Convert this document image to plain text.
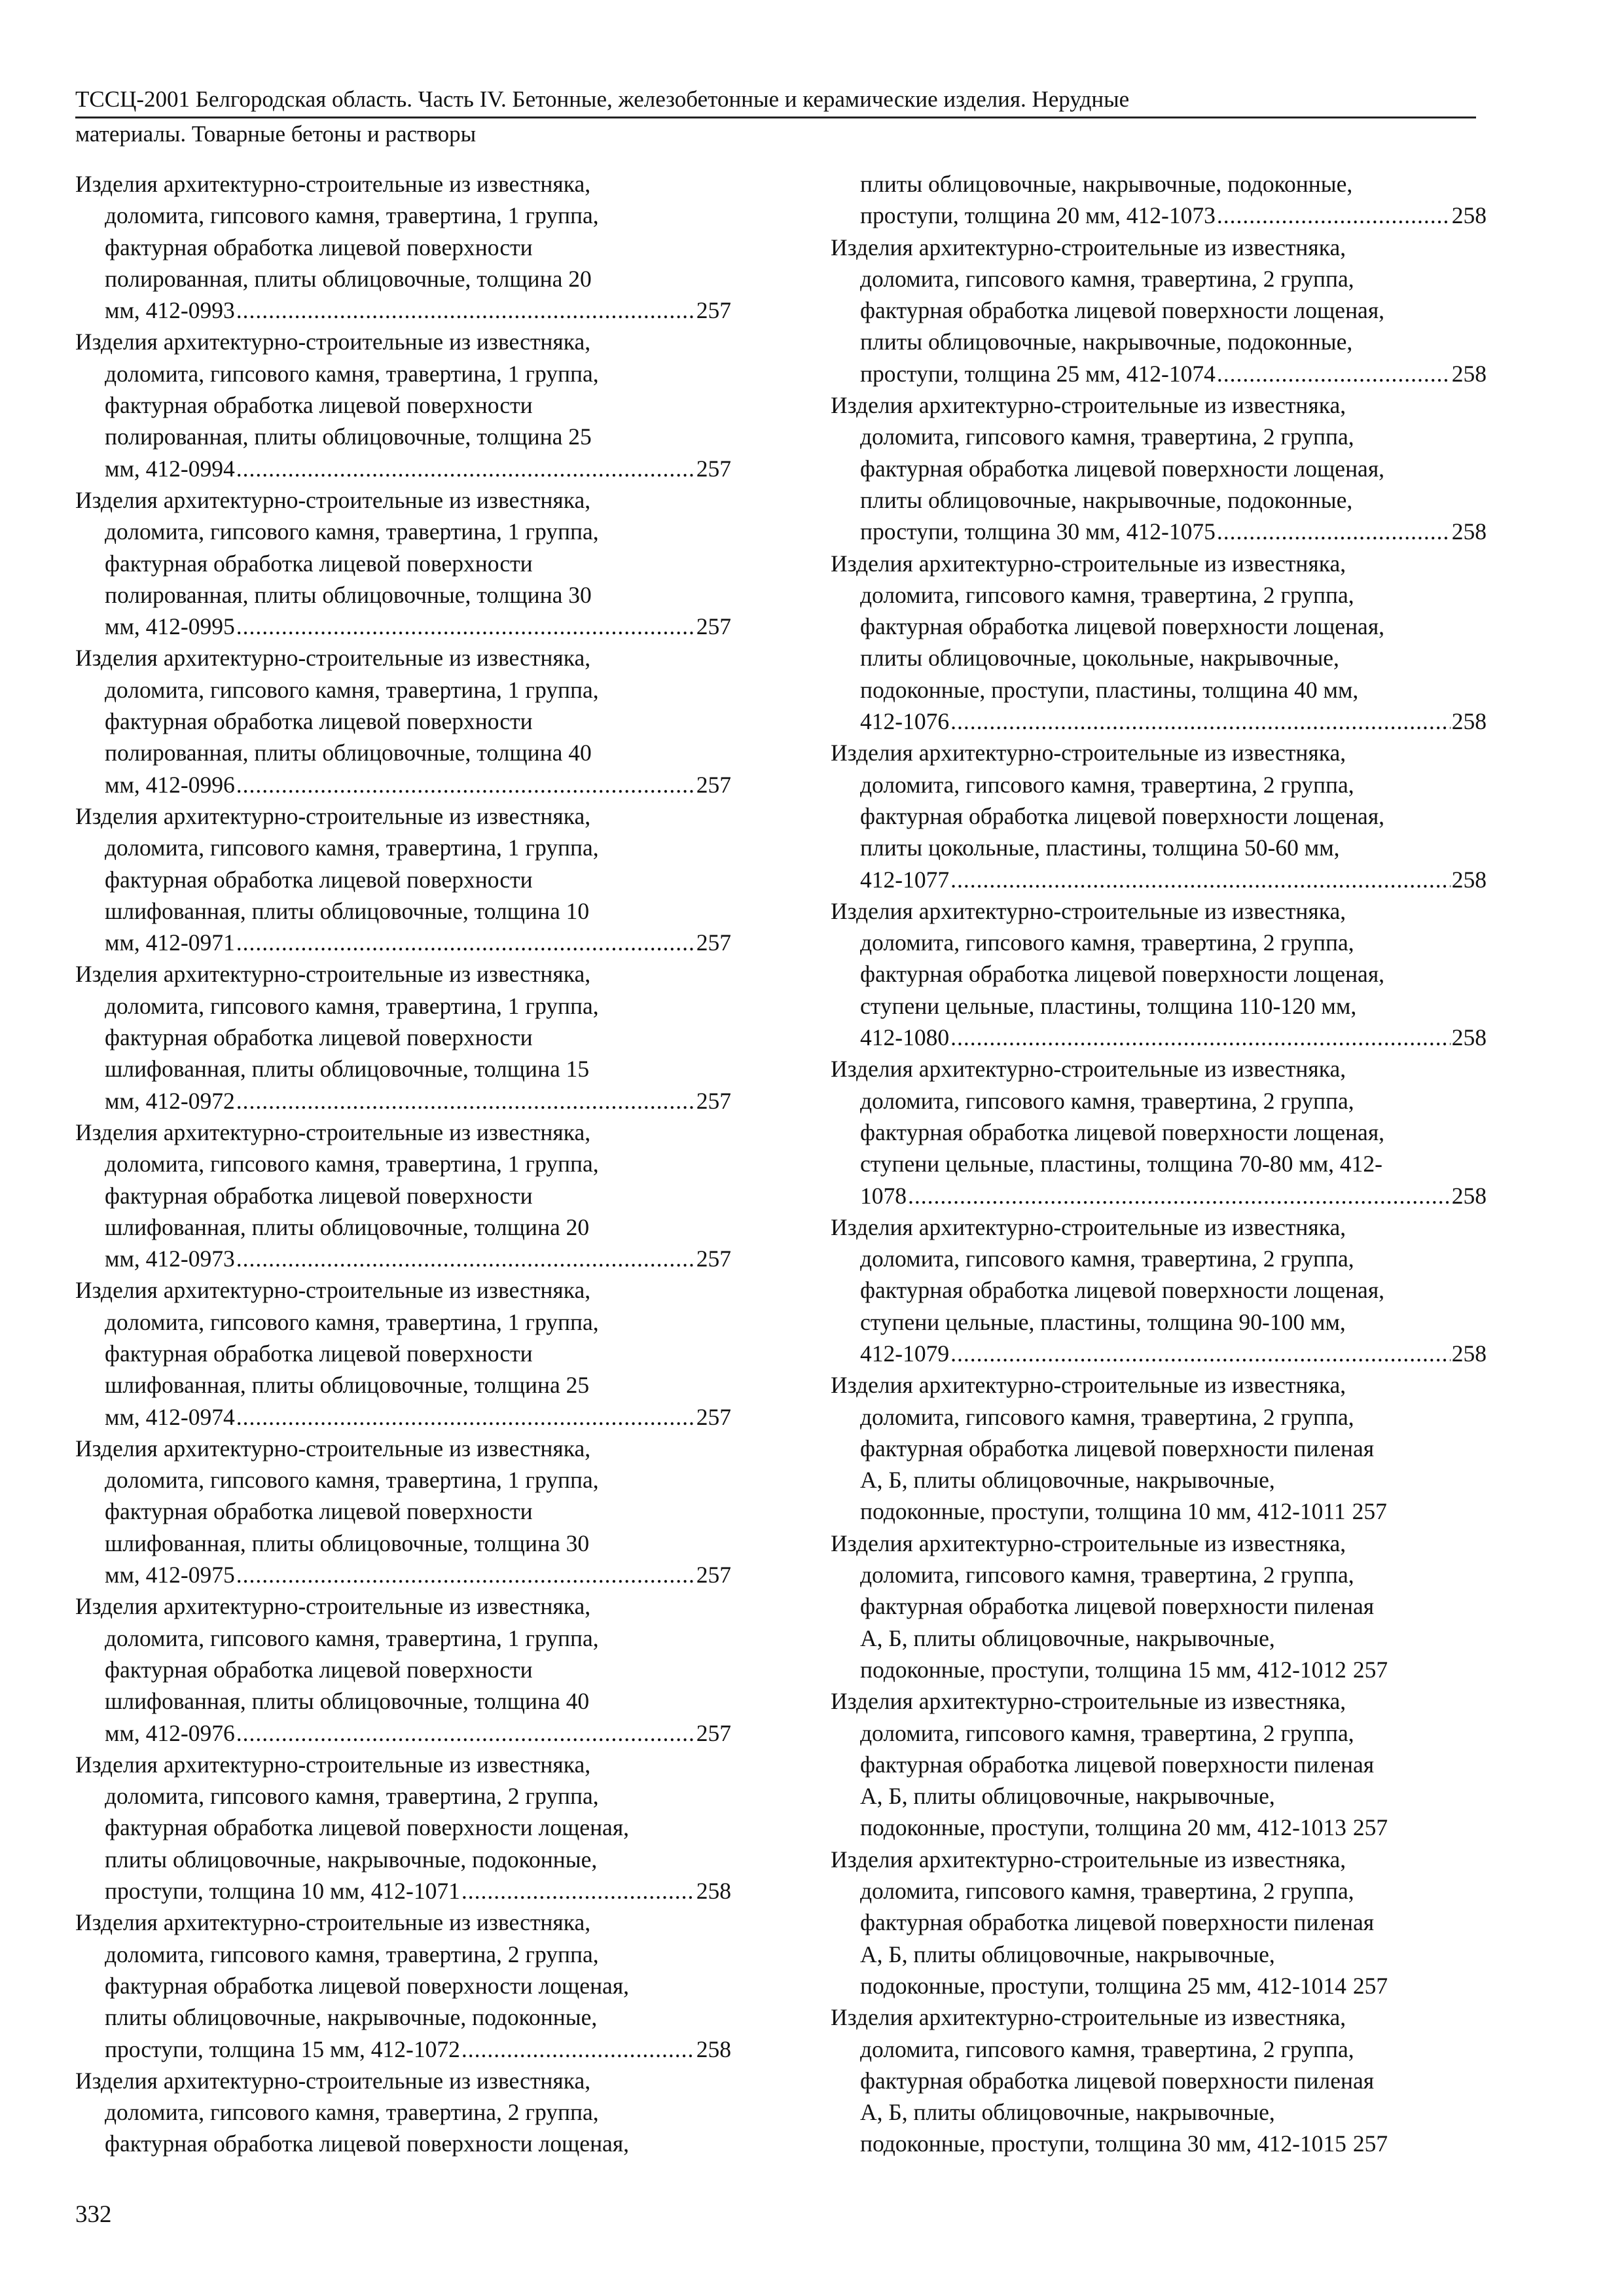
ТССЦ-2001 Белгородская область. Часть IV. Бетонные, железобетонные и керамические изделия. Нерудные
материалы. Товарные бетоны и растворы
Изделия архитектурно-строительные из известняка,
доломита, гипсового камня, травертина, 1 группа,
фактурная обработка лицевой поверхности
полированная, плиты облицовочные, толщина 20
мм, 412-0993 .....	257
Изделия архитектурно-строительные из известняка,
доломита, гипсового камня, травертина, 1 группа,
фактурная обработка лицевой поверхности
полированная, плиты облицовочные, толщина 25
мм, 412-0994 .....	257
Изделия архитектурно-строительные из известняка,
доломита, гипсового камня, травертина, 1 группа,
фактурная обработка лицевой поверхности
полированная, плиты облицовочные, толщина 30
мм, 412-0995 .....	257
Изделия архитектурно-строительные из известняка,
доломита, гипсового камня, травертина, 1 группа,
фактурная обработка лицевой поверхности
полированная, плиты облицовочные, толщина 40
мм, 412-0996 .....	257
Изделия архитектурно-строительные из известняка,
доломита, гипсового камня, травертина, 1 группа,
фактурная обработка лицевой поверхности
шлифованная, плиты облицовочные, толщина 10
мм, 412-0971 .....	257
Изделия архитектурно-строительные из известняка,
доломита, гипсового камня, травертина, 1 группа,
фактурная обработка лицевой поверхности
шлифованная, плиты облицовочные, толщина 15
мм, 412-0972 .....	257
Изделия архитектурно-строительные из известняка,
доломита, гипсового камня, травертина, 1 группа,
фактурная обработка лицевой поверхности
шлифованная, плиты облицовочные, толщина 20
мм, 412-0973 .....	257
Изделия архитектурно-строительные из известняка,
доломита, гипсового камня, травертина, 1 группа,
фактурная обработка лицевой поверхности
шлифованная, плиты облицовочные, толщина 25
мм, 412-0974 .....	257
Изделия архитектурно-строительные из известняка,
доломита, гипсового камня, травертина, 1 группа,
фактурная обработка лицевой поверхности
шлифованная, плиты облицовочные, толщина 30
мм, 412-0975 .....	257
Изделия архитектурно-строительные из известняка,
доломита, гипсового камня, травертина, 1 группа,
фактурная обработка лицевой поверхности
шлифованная, плиты облицовочные, толщина 40
мм, 412-0976 .....	257
Изделия архитектурно-строительные из известняка,
доломита, гипсового камня, травертина, 2 группа,
фактурная обработка лицевой поверхности лощеная,
плиты облицовочные, накрывочные, подоконные,
проступи, толщина 10 мм, 412-1071 .....	258
Изделия архитектурно-строительные из известняка,
доломита, гипсового камня, травертина, 2 группа,
фактурная обработка лицевой поверхности лощеная,
плиты облицовочные, накрывочные, подоконные,
проступи, толщина 15 мм, 412-1072 .....	258
Изделия архитектурно-строительные из известняка,
доломита, гипсового камня, травертина, 2 группа,
фактурная обработка лицевой поверхности лощеная,
плиты облицовочные, накрывочные, подоконные,
проступи, толщина 20 мм, 412-1073 .....	258
Изделия архитектурно-строительные из известняка,
доломита, гипсового камня, травертина, 2 группа,
фактурная обработка лицевой поверхности лощеная,
плиты облицовочные, накрывочные, подоконные,
проступи, толщина 25 мм, 412-1074 .....	258
Изделия архитектурно-строительные из известняка,
доломита, гипсового камня, травертина, 2 группа,
фактурная обработка лицевой поверхности лощеная,
плиты облицовочные, накрывочные, подоконные,
проступи, толщина 30 мм, 412-1075 .....	258
Изделия архитектурно-строительные из известняка,
доломита, гипсового камня, травертина, 2 группа,
фактурная обработка лицевой поверхности лощеная,
плиты облицовочные, цокольные, накрывочные,
подоконные, проступи, пластины, толщина 40 мм,
412-1076 .....	258
Изделия архитектурно-строительные из известняка,
доломита, гипсового камня, травертина, 2 группа,
фактурная обработка лицевой поверхности лощеная,
плиты цокольные, пластины, толщина 50-60 мм,
412-1077 .....	258
Изделия архитектурно-строительные из известняка,
доломита, гипсового камня, травертина, 2 группа,
фактурная обработка лицевой поверхности лощеная,
ступени цельные, пластины, толщина 110-120 мм,
412-1080 .....	258
Изделия архитектурно-строительные из известняка,
доломита, гипсового камня, травертина, 2 группа,
фактурная обработка лицевой поверхности лощеная,
ступени цельные, пластины, толщина 70-80 мм, 412-
1078 .....	258
Изделия архитектурно-строительные из известняка,
доломита, гипсового камня, травертина, 2 группа,
фактурная обработка лицевой поверхности лощеная,
ступени цельные, пластины, толщина 90-100 мм,
412-1079 .....	258
Изделия архитектурно-строительные из известняка,
доломита, гипсового камня, травертина, 2 группа,
фактурная обработка лицевой поверхности пиленая
А, Б, плиты облицовочные, накрывочные,
подоконные, проступи, толщина 10 мм, 412-1011 257
Изделия архитектурно-строительные из известняка,
доломита, гипсового камня, травертина, 2 группа,
фактурная обработка лицевой поверхности пиленая
А, Б, плиты облицовочные, накрывочные,
подоконные, проступи, толщина 15 мм, 412-1012 257
Изделия архитектурно-строительные из известняка,
доломита, гипсового камня, травертина, 2 группа,
фактурная обработка лицевой поверхности пиленая
А, Б, плиты облицовочные, накрывочные,
подоконные, проступи, толщина 20 мм, 412-1013 257
Изделия архитектурно-строительные из известняка,
доломита, гипсового камня, травертина, 2 группа,
фактурная обработка лицевой поверхности пиленая
А, Б, плиты облицовочные, накрывочные,
подоконные, проступи, толщина 25 мм, 412-1014 257
Изделия архитектурно-строительные из известняка,
доломита, гипсового камня, травертина, 2 группа,
фактурная обработка лицевой поверхности пиленая
А, Б, плиты облицовочные, накрывочные,
подоконные, проступи, толщина 30 мм, 412-1015 257
332
